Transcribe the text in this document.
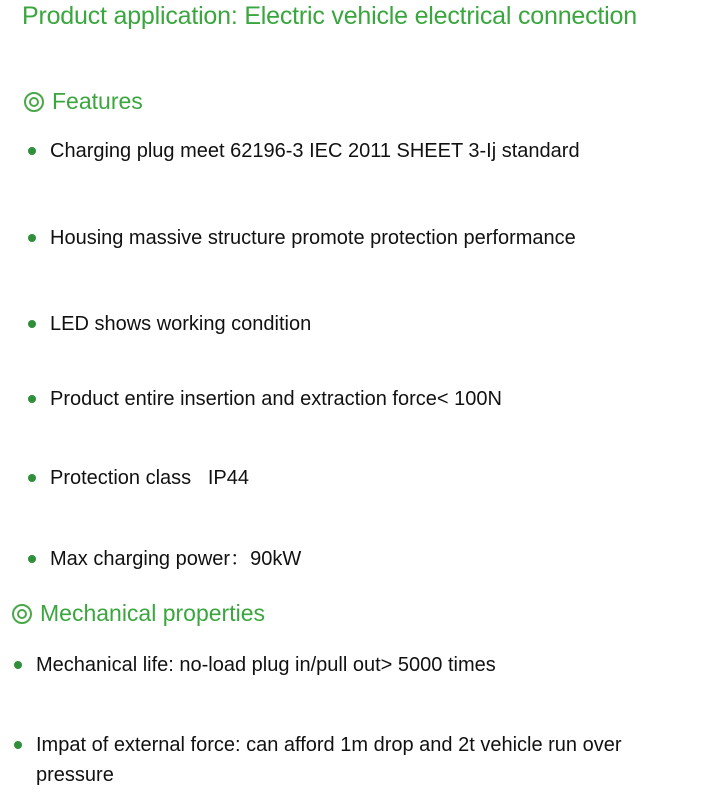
Product application: Electric vehicle electrical connection
Features
Charging plug meet 62196-3 IEC 2011 SHEET 3-Ij standard
Housing massive structure promote protection performance
LED shows working condition
Product entire insertion and extraction force< 100N
Protection class   IP44
Max charging power：90kW
Mechanical properties
Mechanical life: no-load plug in/pull out> 5000 times
Impat of external force: can afford 1m drop and 2t vehicle run over pressure
